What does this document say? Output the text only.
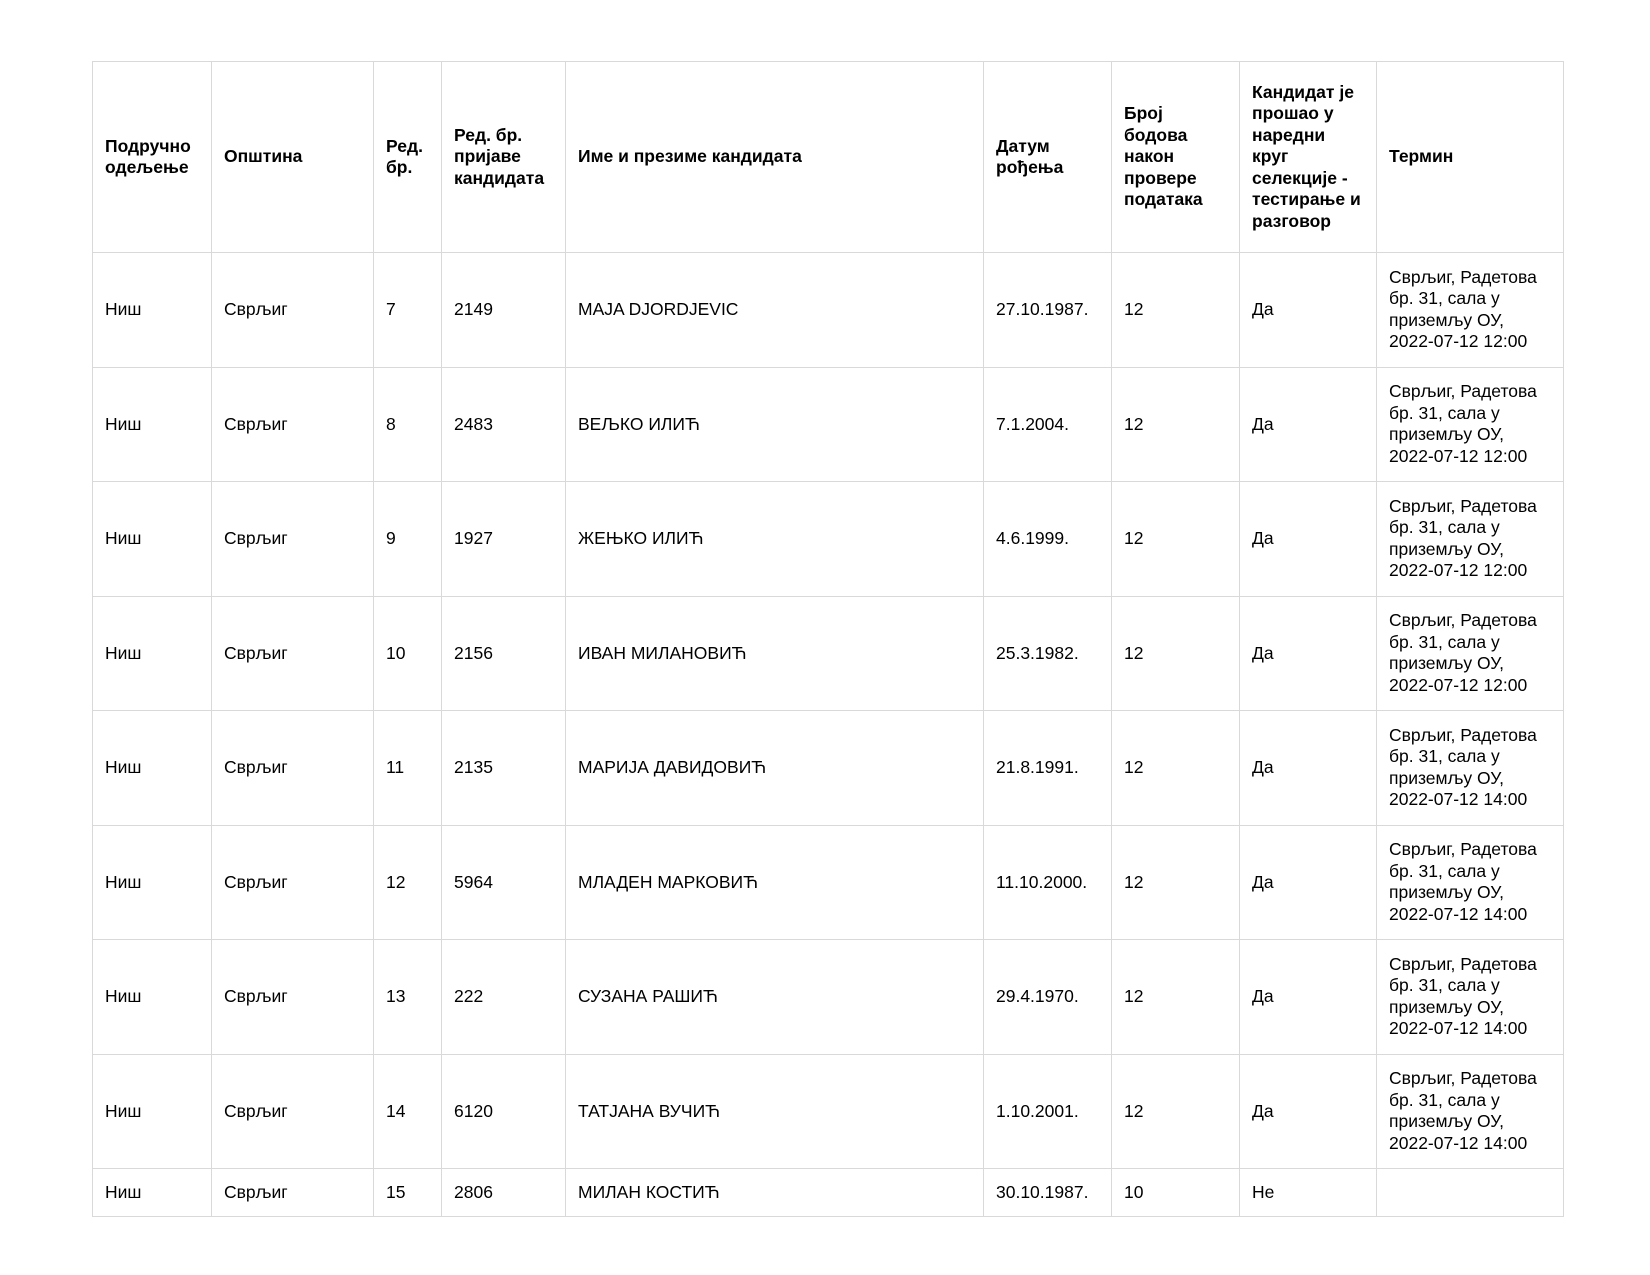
Подручно одељење	Општина	Ред. бр.	Ред. бр. пријаве кандидата	Име и презиме кандидата	Датум рођења	Број бодова након провере података	Кандидат је прошао у наредни круг селекције - тестирање и разговор	Термин
Ниш	Сврљиг	7	2149	MAJA DJORDJEVIC	27.10.1987.	12	Да	Сврљиг, Радетова бр. 31, сала у приземљу ОУ, 2022-07-12 12:00
Ниш	Сврљиг	8	2483	ВЕЉКО ИЛИЋ	7.1.2004.	12	Да	Сврљиг, Радетова бр. 31, сала у приземљу ОУ, 2022-07-12 12:00
Ниш	Сврљиг	9	1927	ЖЕЊКО ИЛИЋ	4.6.1999.	12	Да	Сврљиг, Радетова бр. 31, сала у приземљу ОУ, 2022-07-12 12:00
Ниш	Сврљиг	10	2156	ИВАН МИЛАНОВИЋ	25.3.1982.	12	Да	Сврљиг, Радетова бр. 31, сала у приземљу ОУ, 2022-07-12 12:00
Ниш	Сврљиг	11	2135	МАРИЈА ДАВИДОВИЋ	21.8.1991.	12	Да	Сврљиг, Радетова бр. 31, сала у приземљу ОУ, 2022-07-12 14:00
Ниш	Сврљиг	12	5964	МЛАДЕН МАРКОВИЋ	11.10.2000.	12	Да	Сврљиг, Радетова бр. 31, сала у приземљу ОУ, 2022-07-12 14:00
Ниш	Сврљиг	13	222	СУЗАНА РАШИЋ	29.4.1970.	12	Да	Сврљиг, Радетова бр. 31, сала у приземљу ОУ, 2022-07-12 14:00
Ниш	Сврљиг	14	6120	ТАТЈАНА ВУЧИЋ	1.10.2001.	12	Да	Сврљиг, Радетова бр. 31, сала у приземљу ОУ, 2022-07-12 14:00
Ниш	Сврљиг	15	2806	МИЛАН КОСТИЋ	30.10.1987.	10	Не	
